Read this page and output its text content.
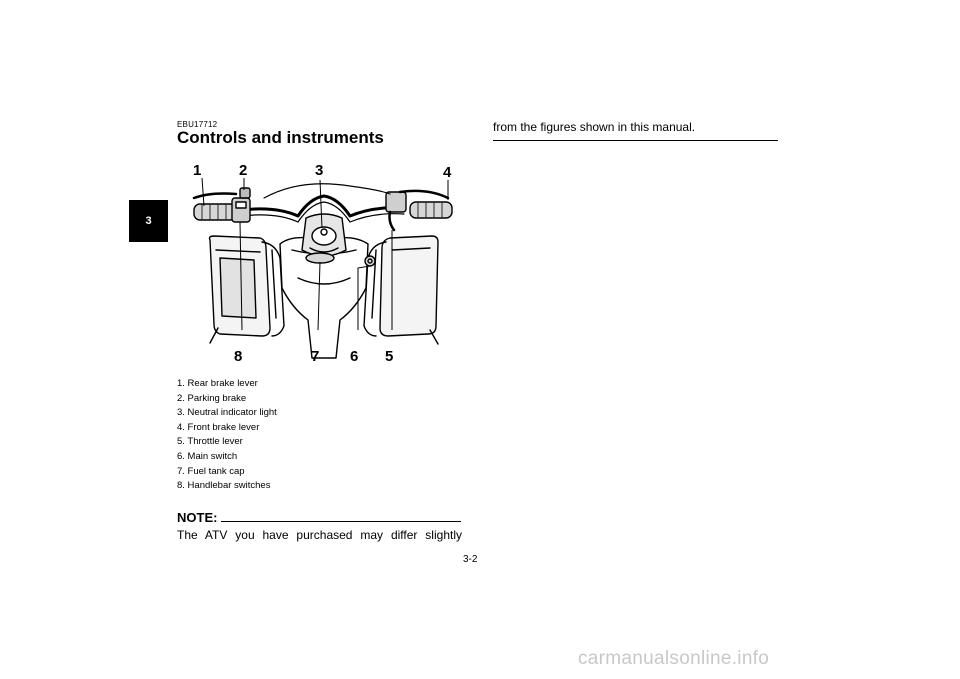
3
EBU17712
Controls and instruments
1	2	3	4
5
6
7
8
1. Rear brake lever
2. Parking brake
3. Neutral indicator light
4. Front brake lever
5. Throttle lever
6. Main switch
7. Fuel tank cap
8. Handlebar switches
NOTE:
The ATV you have purchased may differ slightly
3-2
from the figures shown in this manual.
carmanualsonline.info
